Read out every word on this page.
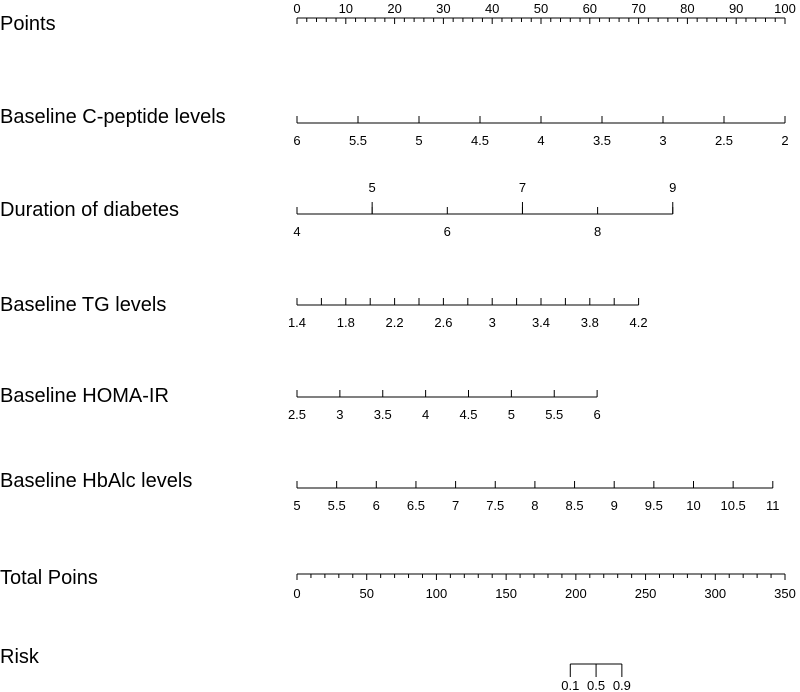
Points
0	10	20	30	40	50	60	70	80	90 100
Baseline C-peptide levels
6	5.5	5	4.5	4	3.5	3	2.5	2
Duration of diabetes
4
5
6
7
8
9
Baseline TG levels
1.4 1.8 2.2 2.6	3	3.4 3.8 4.2
Baseline HOMA-IR
2.5 3 3.5 4 4.5 5 5.5 6
Baseline HbAlc levels
5 5.5 6 6.5 7 7.5 8 8.5 9 9.5 10 10.5 11
Total Poins
0	50	100	150	200	250	300	350
Risk
0.1 0.5 0.9
